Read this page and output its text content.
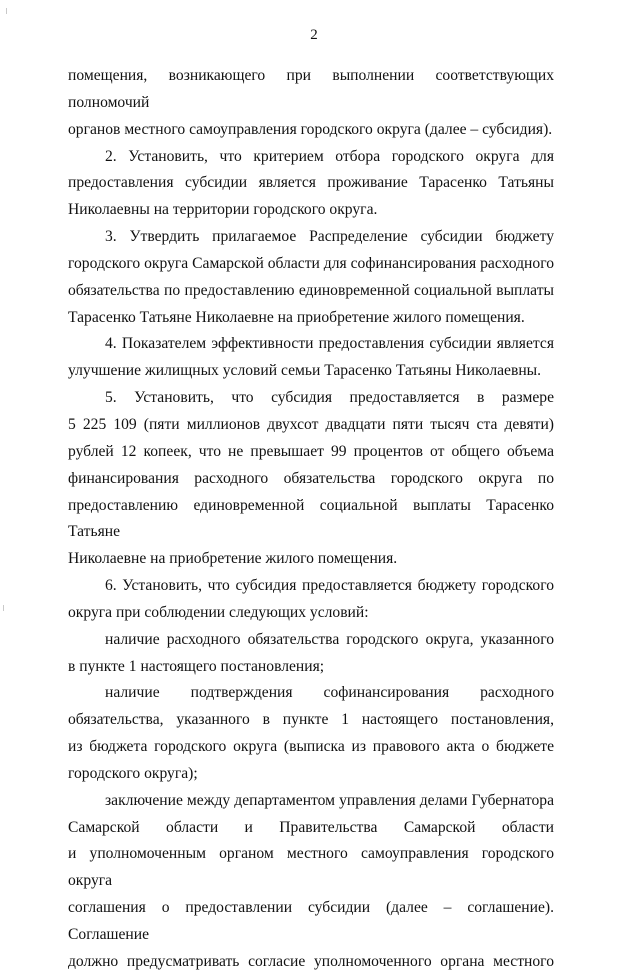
2

помещения, возникающего при выполнении соответствующих полномочий

органов местного самоуправления городского округа (далее – субсидия).

2. Установить, что критерием отбора городского округа для

предоставления субсидии является проживание Тарасенко Татьяны

Николаевны на территории городского округа.

3. Утвердить прилагаемое Распределение субсидии бюджету

городского округа Самарской области для софинансирования расходного

обязательства по предоставлению единовременной социальной выплаты

Тарасенко Татьяне Николаевне на приобретение жилого помещения.

4. Показателем эффективности предоставления субсидии является

улучшение жилищных условий семьи Тарасенко Татьяны Николаевны.

5. Установить, что субсидия предоставляется в размере

5 225 109 (пяти миллионов двухсот двадцати пяти тысяч ста девяти)

рублей 12 копеек, что не превышает 99 процентов от общего объема

финансирования расходного обязательства городского округа по

предоставлению единовременной социальной выплаты Тарасенко Татьяне

Николаевне на приобретение жилого помещения.

6. Установить, что субсидия предоставляется бюджету городского

округа при соблюдении следующих условий:

наличие расходного обязательства городского округа, указанного

в пункте 1 настоящего постановления;

наличие подтверждения софинансирования расходного

обязательства, указанного в пункте 1 настоящего постановления,

из бюджета городского округа (выписка из правового акта о бюджете

городского округа);

заключение между департаментом управления делами Губернатора

Самарской области и Правительства Самарской области

и уполномоченным органом местного самоуправления городского округа

соглашения о предоставлении субсидии (далее – соглашение). Соглашение

должно предусматривать согласие уполномоченного органа местного
